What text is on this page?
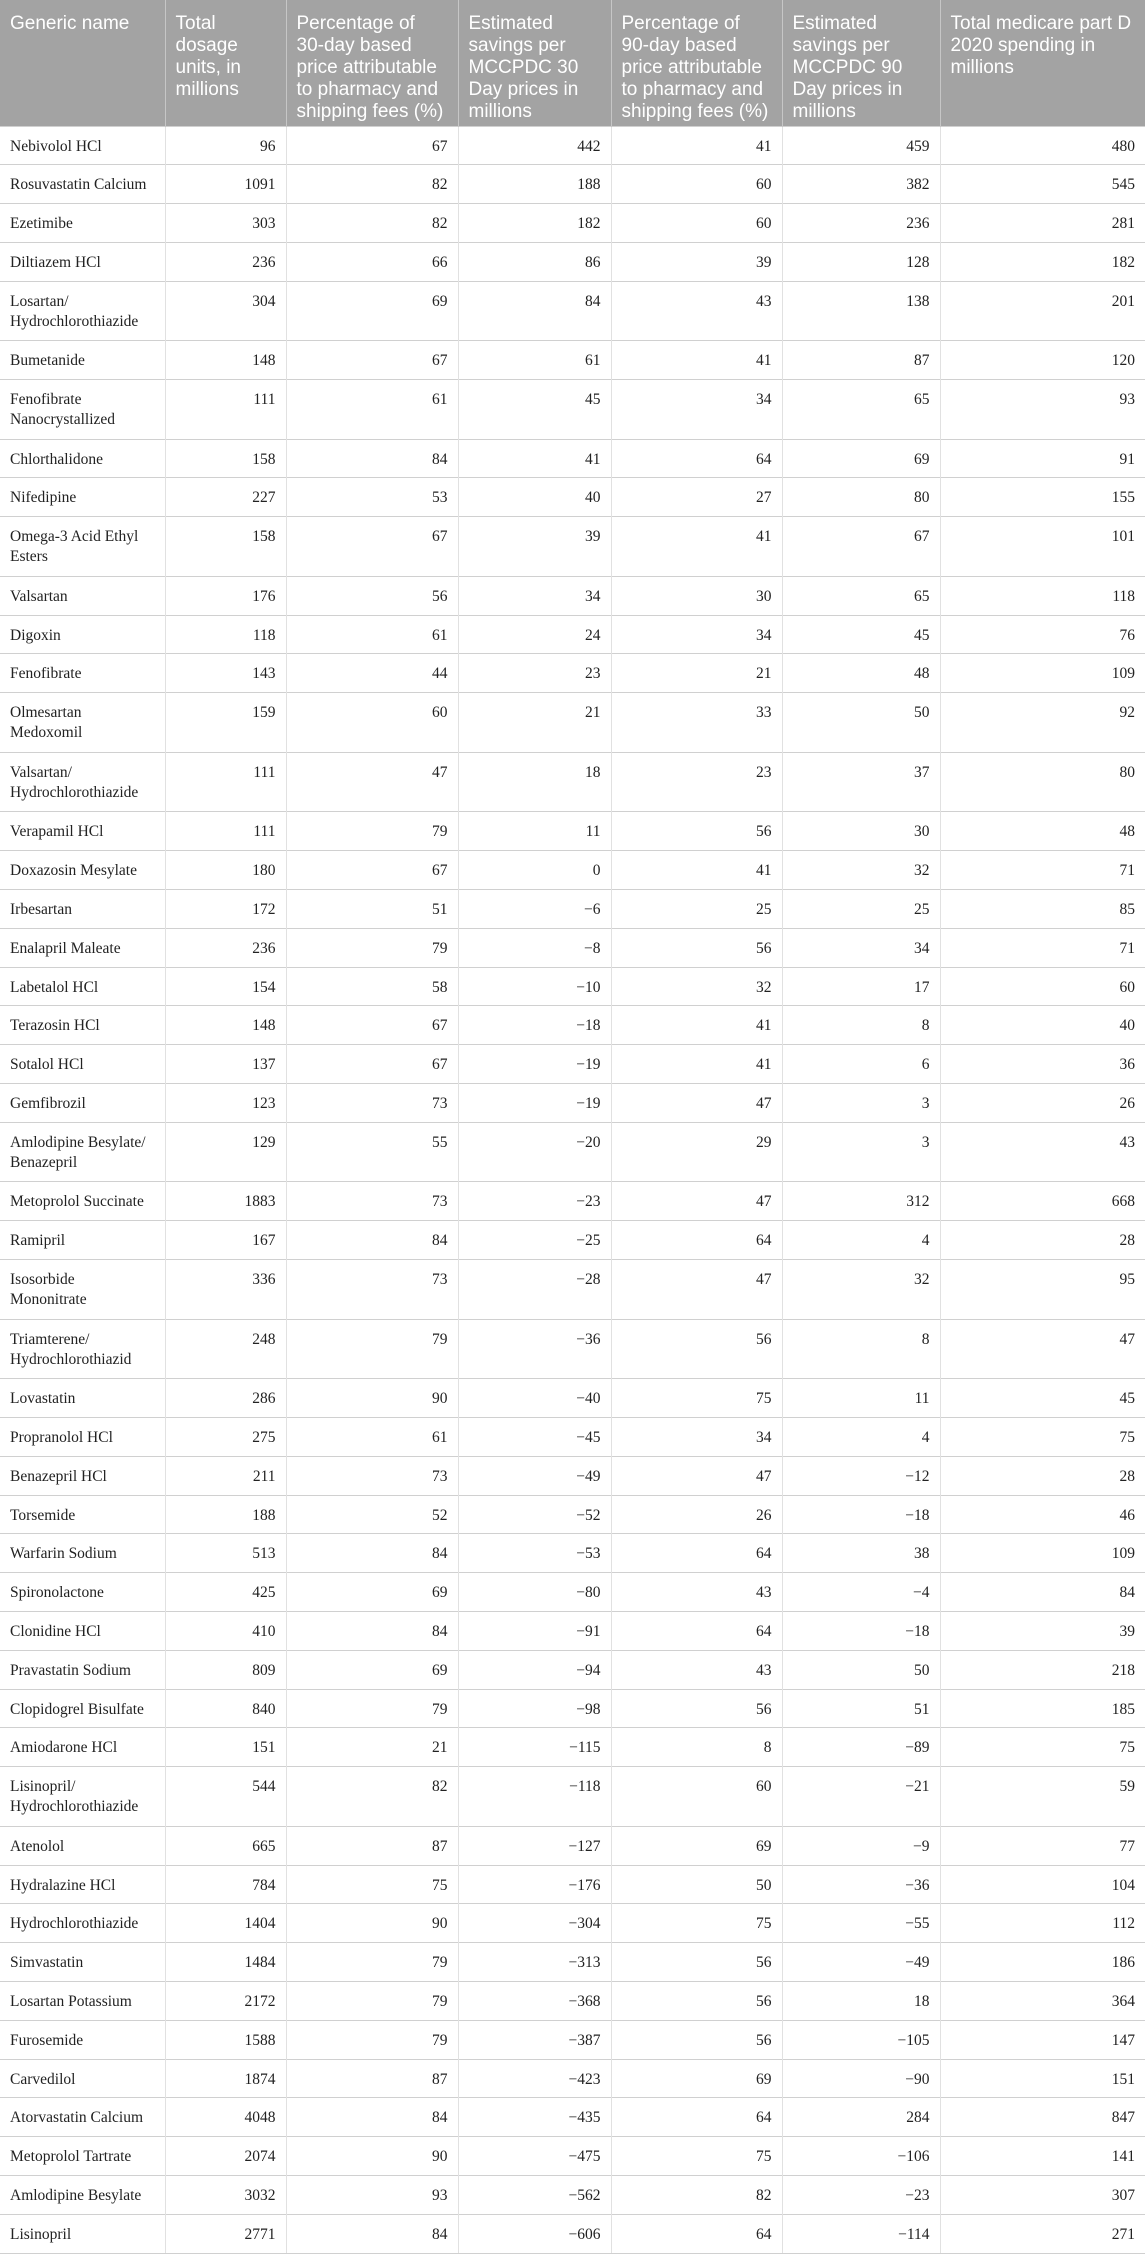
Generic name	Total dosage units, in millions	Percentage of 30-day based price attributable to pharmacy and shipping fees (%)	Estimated savings per MCCPDC 30 Day prices in millions	Percentage of 90-day based price attributable to pharmacy and shipping fees (%)	Estimated savings per MCCPDC 90 Day prices in millions	Total medicare part D 2020 spending in millions
Nebivolol HCl	96	67	442	41	459	480
Rosuvastatin Calcium	1091	82	188	60	382	545
Ezetimibe	303	82	182	60	236	281
Diltiazem HCl	236	66	86	39	128	182
Losartan/ Hydrochlorothiazide	304	69	84	43	138	201
Bumetanide	148	67	61	41	87	120
Fenofibrate Nanocrystallized	111	61	45	34	65	93
Chlorthalidone	158	84	41	64	69	91
Nifedipine	227	53	40	27	80	155
Omega-3 Acid Ethyl Esters	158	67	39	41	67	101
Valsartan	176	56	34	30	65	118
Digoxin	118	61	24	34	45	76
Fenofibrate	143	44	23	21	48	109
Olmesartan Medoxomil	159	60	21	33	50	92
Valsartan/ Hydrochlorothiazide	111	47	18	23	37	80
Verapamil HCl	111	79	11	56	30	48
Doxazosin Mesylate	180	67	0	41	32	71
Irbesartan	172	51	−6	25	25	85
Enalapril Maleate	236	79	−8	56	34	71
Labetalol HCl	154	58	−10	32	17	60
Terazosin HCl	148	67	−18	41	8	40
Sotalol HCl	137	67	−19	41	6	36
Gemfibrozil	123	73	−19	47	3	26
Amlodipine Besylate/ Benazepril	129	55	−20	29	3	43
Metoprolol Succinate	1883	73	−23	47	312	668
Ramipril	167	84	−25	64	4	28
Isosorbide Mononitrate	336	73	−28	47	32	95
Triamterene/ Hydrochlorothiazid	248	79	−36	56	8	47
Lovastatin	286	90	−40	75	11	45
Propranolol HCl	275	61	−45	34	4	75
Benazepril HCl	211	73	−49	47	−12	28
Torsemide	188	52	−52	26	−18	46
Warfarin Sodium	513	84	−53	64	38	109
Spironolactone	425	69	−80	43	−4	84
Clonidine HCl	410	84	−91	64	−18	39
Pravastatin Sodium	809	69	−94	43	50	218
Clopidogrel Bisulfate	840	79	−98	56	51	185
Amiodarone HCl	151	21	−115	8	−89	75
Lisinopril/ Hydrochlorothiazide	544	82	−118	60	−21	59
Atenolol	665	87	−127	69	−9	77
Hydralazine HCl	784	75	−176	50	−36	104
Hydrochlorothiazide	1404	90	−304	75	−55	112
Simvastatin	1484	79	−313	56	−49	186
Losartan Potassium	2172	79	−368	56	18	364
Furosemide	1588	79	−387	56	−105	147
Carvedilol	1874	87	−423	69	−90	151
Atorvastatin Calcium	4048	84	−435	64	284	847
Metoprolol Tartrate	2074	90	−475	75	−106	141
Amlodipine Besylate	3032	93	−562	82	−23	307
Lisinopril	2771	84	−606	64	−114	271
